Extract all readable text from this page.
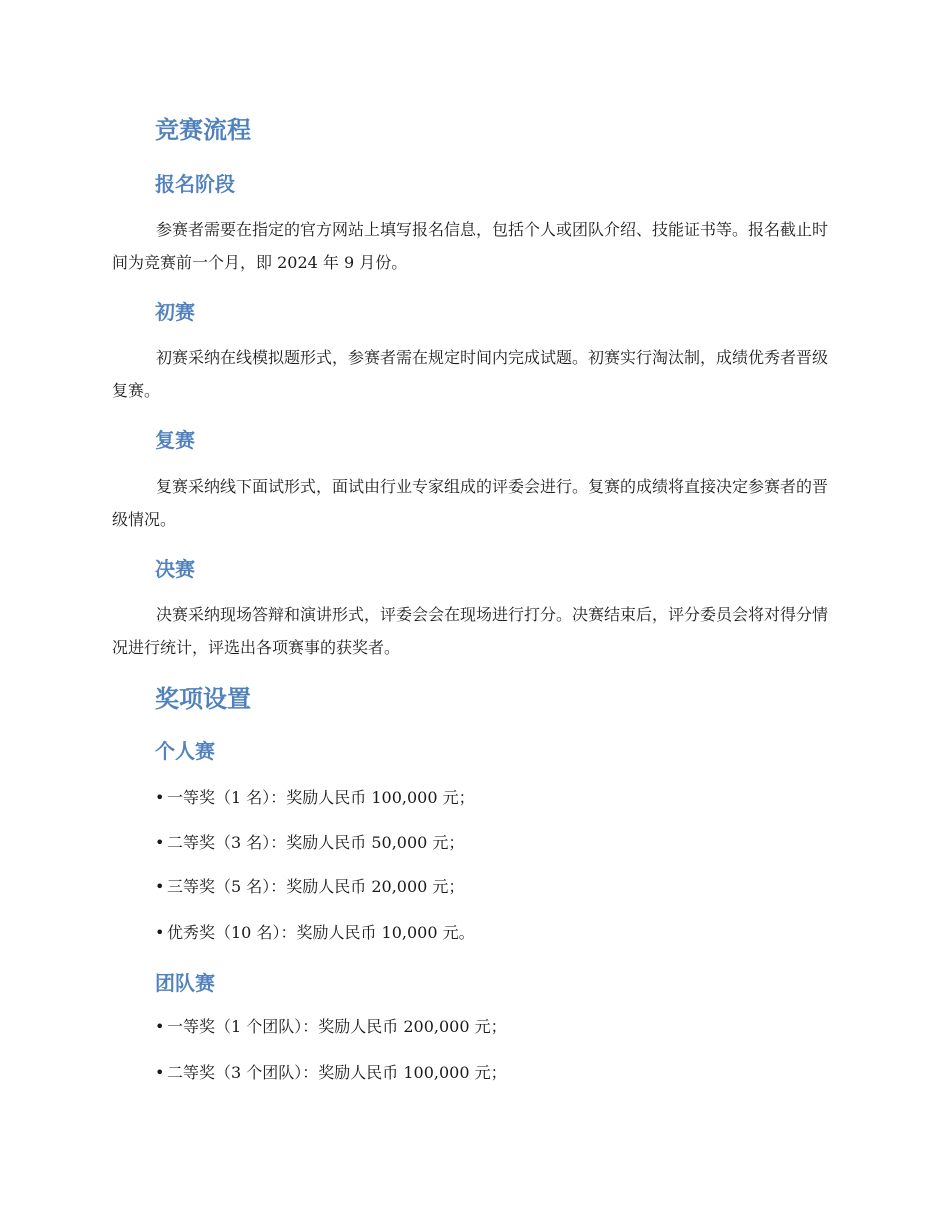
竞赛流程
报名阶段

参赛者需要在指定的官方网站上填写报名信息，包括个人或团队介绍、技能证书等。报名截止时间为竞赛前一个月，即 2024 年 9 月份。

初赛

初赛采纳在线模拟题形式，参赛者需在规定时间内完成试题。初赛实行淘汰制，成绩优秀者晋级复赛。

复赛

复赛采纳线下面试形式，面试由行业专家组成的评委会进行。复赛的成绩将直接决定参赛者的晋级情况。

决赛

决赛采纳现场答辩和演讲形式，评委会会在现场进行打分。决赛结束后，评分委员会将对得分情况进行统计，评选出各项赛事的获奖者。

奖项设置
个人赛
• 一等奖（1 名）：奖励人民币 100,000 元；
• 二等奖（3 名）：奖励人民币 50,000 元；
• 三等奖（5 名）：奖励人民币 20,000 元；
• 优秀奖（10 名）：奖励人民币 10,000 元。
团队赛
• 一等奖（1 个团队）：奖励人民币 200,000 元；
• 二等奖（3 个团队）：奖励人民币 100,000 元；
